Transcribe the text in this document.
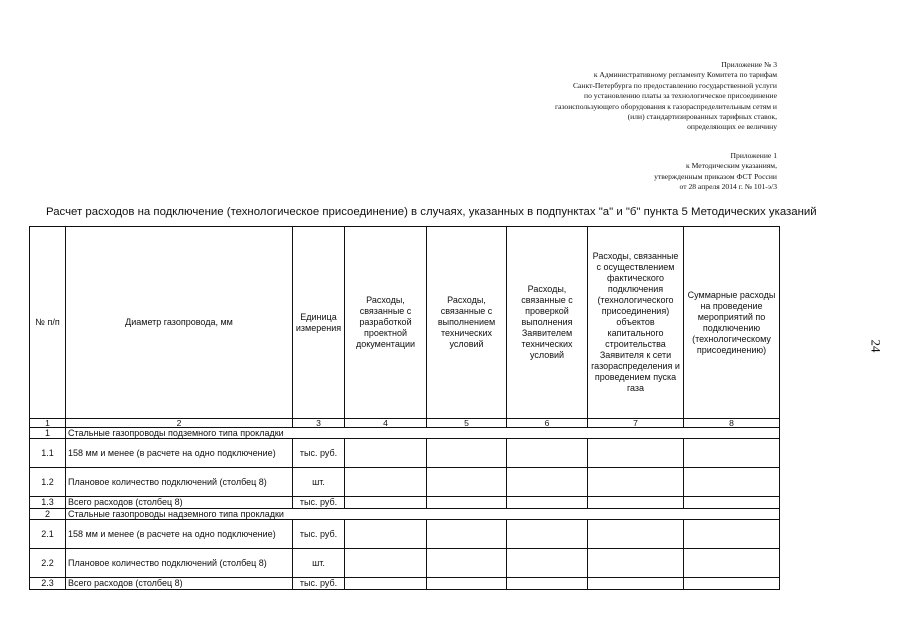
Приложение № 3
к Административному регламенту Комитета по тарифам
Санкт-Петербурга по предоставлению государственной услуги
по установлению платы за технологическое присоединение
газоиспользующего оборудования к газораспределительным сетям и
(или) стандартизированных тарифных ставок,
определяющих ее величину
Приложение 1
к Методическим указаниям,
утвержденным приказом ФСТ России
от 28 апреля 2014 г. № 101-э/3
Расчет расходов на подключение (технологическое присоединение) в случаях, указанных в подпунктах "а" и "б" пункта 5 Методических указаний
24
№ п/п	Диаметр газопровода, мм	Единица измерения	Расходы, связанные с разработкой проектной документации	Расходы, связанные с выполнением технических условий	Расходы, связанные с проверкой выполнения Заявителем технических условий	Расходы, связанные с осуществлением фактического подключения (технологического присоединения) объектов капитального строительства Заявителя к сети газораспределения и проведением пуска газа	Суммарные расходы на проведение мероприятий по подключению (технологическому присоединению)
1	2	3	4	5	6	7	8
1	Стальные газопроводы подземного типа прокладки						
1.1	158 мм и менее (в расчете на одно подключение)	тыс. руб.					
1.2	Плановое количество подключений (столбец 8)	шт.					
1.3	Всего расходов (столбец 8)	тыс. руб.					
2	Стальные газопроводы надземного типа прокладки						
2.1	158 мм и менее (в расчете на одно подключение)	тыс. руб.					
2.2	Плановое количество подключений (столбец 8)	шт.					
2.3	Всего расходов (столбец 8)	тыс. руб.					
